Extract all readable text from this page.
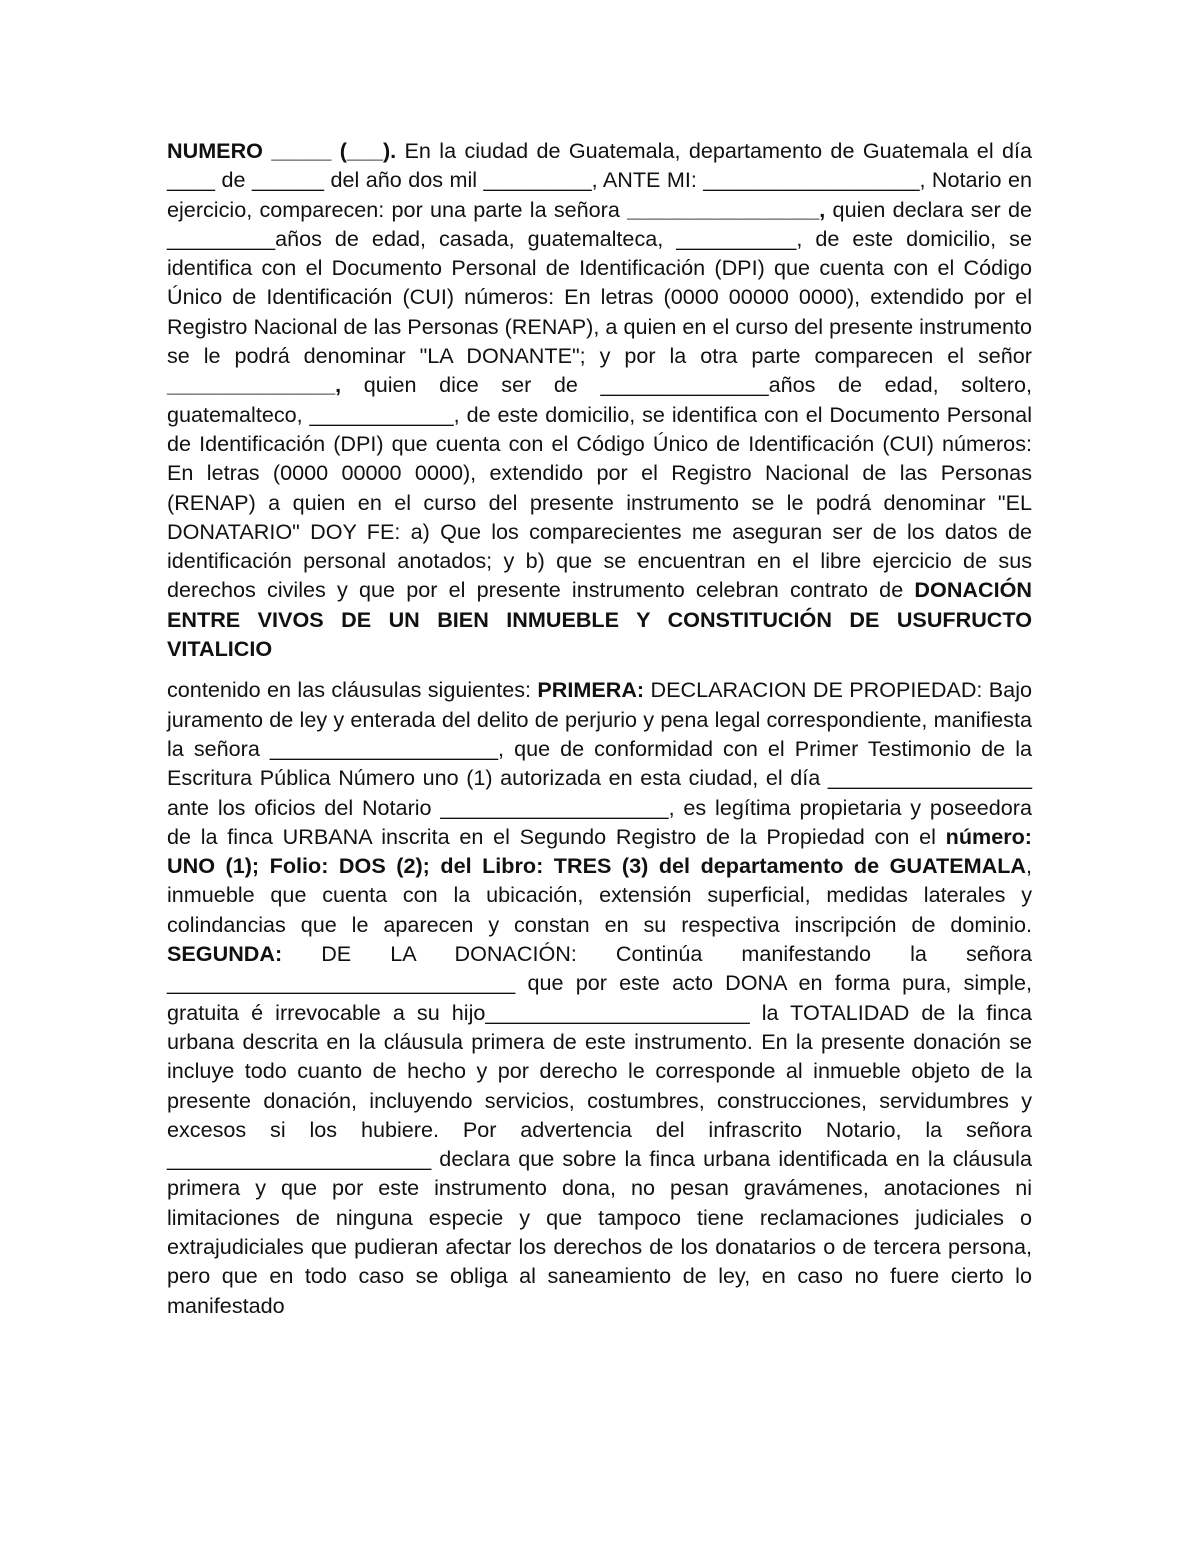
NUMERO _____ (___). En la ciudad de Guatemala, departamento de Guatemala el día ____ de ______ del año dos mil _________, ANTE MI: __________________, Notario en ejercicio, comparecen: por una parte la señora ________________, quien declara ser de _________años de edad, casada, guatemalteca, __________, de este domicilio, se identifica con el Documento Personal de Identificación (DPI) que cuenta con el Código Único de Identificación (CUI) números: En letras (0000 00000 0000), extendido por el Registro Nacional de las Personas (RENAP), a quien en el curso del presente instrumento se le podrá denominar "LA DONANTE"; y por la otra parte comparecen el señor ______________, quien dice ser de ______________años de edad, soltero, guatemalteco, ____________, de este domicilio, se identifica con el Documento Personal de Identificación (DPI) que cuenta con el Código Único de Identificación (CUI) números: En letras (0000 00000 0000), extendido por el Registro Nacional de las Personas (RENAP) a quien en el curso del presente instrumento se le podrá denominar "EL DONATARIO" DOY FE: a) Que los comparecientes me aseguran ser de los datos de identificación personal anotados; y b) que se encuentran en el libre ejercicio de sus derechos civiles y que por el presente instrumento celebran contrato de DONACIÓN ENTRE VIVOS DE UN BIEN INMUEBLE Y CONSTITUCIÓN DE USUFRUCTO VITALICIO

contenido en las cláusulas siguientes: PRIMERA: DECLARACION DE PROPIEDAD: Bajo juramento de ley y enterada del delito de perjurio y pena legal correspondiente, manifiesta la señora ___________________, que de conformidad con el Primer Testimonio de la Escritura Pública Número uno (1) autorizada en esta ciudad, el día _________________ ante los oficios del Notario ___________________, es legítima propietaria y poseedora de la finca URBANA inscrita en el Segundo Registro de la Propiedad con el número: UNO (1); Folio: DOS (2); del Libro: TRES (3) del departamento de GUATEMALA, inmueble que cuenta con la ubicación, extensión superficial, medidas laterales y colindancias que le aparecen y constan en su respectiva inscripción de dominio. SEGUNDA: DE LA DONACIÓN: Continúa manifestando la señora _____________________________ que por este acto DONA en forma pura, simple, gratuita é irrevocable a su hijo______________________ la TOTALIDAD de la finca urbana descrita en la cláusula primera de este instrumento. En la presente donación se incluye todo cuanto de hecho y por derecho le corresponde al inmueble objeto de la presente donación, incluyendo servicios, costumbres, construcciones, servidumbres y excesos si los hubiere. Por advertencia del infrascrito Notario, la señora ______________________ declara que sobre la finca urbana identificada en la cláusula primera y que por este instrumento dona, no pesan gravámenes, anotaciones ni limitaciones de ninguna especie y que tampoco tiene reclamaciones judiciales o extrajudiciales que pudieran afectar los derechos de los donatarios o de tercera persona, pero que en todo caso se obliga al saneamiento de ley, en caso no fuere cierto lo manifestado
